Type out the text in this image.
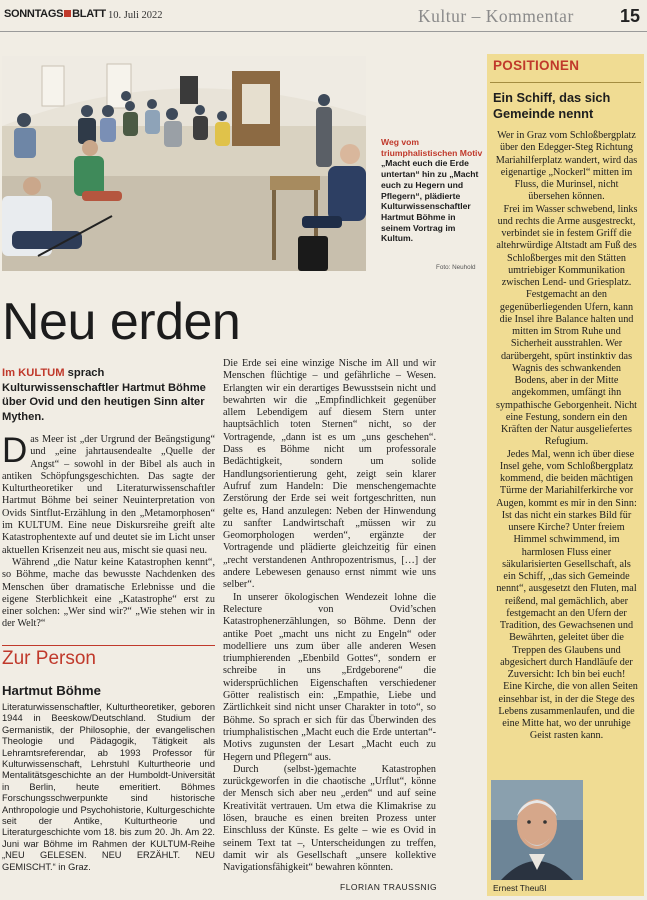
SONNTAGS BLATT 10. Juli 2022	Kultur – Kommentar	15
Weg vom triumphalistischen Motiv
„Macht euch die Erde untertan“ hin zu „Macht euch zu Hegern und Pflegern“, plädierte Kulturwissenschaftler Hartmut Böhme in seinem Vortrag im Kultum.
Foto: Neuhold
Neu erden
Im KULTUM sprach Kulturwissenschaftler Hartmut Böhme über Ovid und den heutigen Sinn alter Mythen.

Das Meer ist „der Urgrund der Beängstigung“ und „eine jahrtausendealte „Quelle der Angst“ – sowohl in der Bibel als auch in antiken Schöpfungsgeschichten. Das sagte der Kulturtheoretiker und Literaturwissenschaftler Hartmut Böhme bei seiner Neuinterpretation von Ovids Sintflut-Erzählung in den „Metamorphosen“ im KULTUM. Eine neue Diskursreihe greift alte Katastrophentexte auf und deutet sie im Licht unser aktuellen Krisenzeit neu aus, mischt sie quasi neu.

Während „die Natur keine Katastrophen kennt“, so Böhme, mache das bewusste Nachdenken des Menschen über dramatische Erlebnisse und die eigene Sterblichkeit eine „Katastrophe“ erst zu einer solchen: „Wer sind wir?“ „Wie stehen wir in der Welt?“

Zur Person
Hartmut Böhme
Literaturwissenschaftler, Kulturtheoretiker, geboren 1944 in Beeskow/Deutschland. Studium der Germanistik, der Philosophie, der evangelischen Theologie und Pädagogik, Tätigkeit als Lehramtsreferendar, ab 1993 Professor für Kulturwissenschaft, Lehrstuhl Kulturtheorie und Mentalitätsgeschichte an der Humboldt-Universität in Berlin, heute emeritiert. Böhmes Forschungsschwerpunkte sind historische Anthropologie und Psychohistorie, Kulturgeschichte seit der Antike, Kulturtheorie und Literaturgeschichte vom 18. bis zum 20. Jh. Am 22. Juni war Böhme im Rahmen der KULTUM-Reihe „NEU GELESEN. NEU ERZÄHLT. NEU GEMISCHT.“ in Graz.

Die Erde sei eine winzige Nische im All und wir Menschen flüchtige – und gefährliche – Wesen. Erlangten wir ein derartiges Bewusstsein nicht und bewahrten wir die „Empfindlichkeit gegenüber allem Lebendigem auf diesem Stern unter hauptsächlich toten Sternen“ nicht, so der Vortragende, „dann ist es um „uns geschehen“. Dass es Böhme nicht um professorale Bedächtigkeit, sondern um solide Handlungsorientierung geht, zeigt sein klarer Aufruf zum Handeln: Die menschengemachte Zerstörung der Erde sei weit fortgeschritten, nun gelte es, Hand anzulegen: Neben der Hinwendung zu sanfter Landwirtschaft „müssen wir zu Geomorphologen werden“, ergänzte der Vortragende und plädierte gleichzeitig für einen „recht verstandenen Anthropozentrismus, […] der andere Lebewesen genauso ernst nimmt wie uns selber“.

In unserer ökologischen Wendezeit lohne die Relecture von Ovid’schen Katastrophenerzählungen, so Böhme. Denn der antike Poet „macht uns nicht zu Engeln“ oder modelliere uns zum über alle anderen Wesen triumphierenden „Ebenbild Gottes“, sondern er schreibe in uns „Erdgeborene“ die widersprüchlichen Eigenschaften verschiedener Götter realistisch ein: „Empathie, Liebe und Zärtlichkeit sind nicht unser Charakter in toto“, so Böhme. So sprach er sich für das Überwinden des triumphalistischen „Macht euch die Erde untertan“-Motivs zugunsten der Lesart „Macht euch zu Hegern und Pflegern“ aus.

Durch (selbst-)gemachte Katastrophen zurückgeworfen in die chaotische „Urflut“, könne der Mensch sich aber neu „erden“ und auf seine Kreativität vertrauen. Um etwa die Klimakrise zu lösen, brauche es einen breiten Prozess unter Einschluss der Künste. Es gelte – wie es Ovid in seinem Text tat –, Unterscheidungen zu treffen, damit wir als Gesellschaft „unsere kollektive Navigationsfähigkeit“ bewahren könnten.

FLORIAN TRAUSSNIG
POSITIONEN
Ein Schiff, das sich Gemeinde nennt

Wer in Graz vom Schloßbergplatz über den Edegger-Steg Richtung Mariahilferplatz wandert, wird das eigenartige „Nockerl“ mitten im Fluss, die Murinsel, nicht übersehen können.

Frei im Wasser schwebend, links und rechts die Arme ausgestreckt, verbindet sie in festem Griff die altehrwürdige Altstadt am Fuß des Schloßberges mit den Stätten umtriebiger Kommunikation zwischen Lend- und Griesplatz. Festgemacht an den gegenüberliegenden Ufern, kann die Insel ihre Balance halten und mitten im Strom Ruhe und Sicherheit ausstrahlen. Wer darübergeht, spürt instinktiv das Wagnis des schwankenden Bodens, aber in der Mitte angekommen, umfängt ihn sympathische Geborgenheit. Nicht eine Festung, sondern ein den Kräften der Natur ausgeliefertes Refugium.

Jedes Mal, wenn ich über diese Insel gehe, vom Schloßbergplatz kommend, die beiden mächtigen Türme der Mariahilferkirche vor Augen, kommt es mir in den Sinn: Ist das nicht ein starkes Bild für unsere Kirche? Unter freiem Himmel schwimmend, im harmlosen Fluss einer säkularisierten Gesellschaft, als ein Schiff, „das sich Gemeinde nennt“, ausgesetzt den Fluten, mal reißend, mal gemächlich, aber festgemacht an den Ufern der Tradition, des Gewachsenen und Bewährten, geleitet über die Treppen des Glaubens und abgesichert durch Handläufe der Zuversicht: Ich bin bei euch!

Eine Kirche, die von allen Seiten einsehbar ist, in der die Stege des Lebens zusammenlaufen, und die eine Mitte hat, wo der unruhige Geist rasten kann.

Ernest Theußl
